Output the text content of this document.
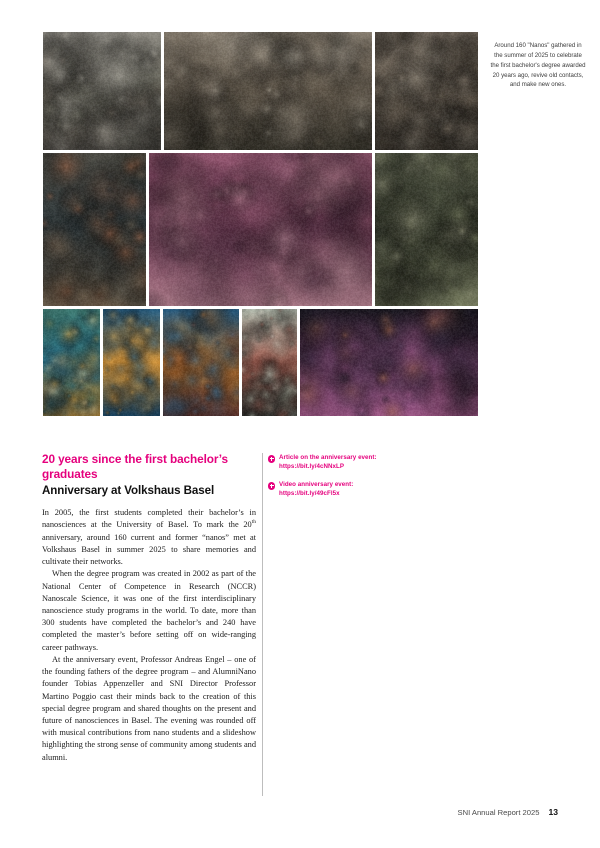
Around 160 "Nanos" gathered in the summer of 2025 to celebrate the first bachelor's degree awarded 20 years ago, revive old contacts, and make new ones.
20 years since the first bachelor’s graduates
Anniversary at Volkshaus Basel

In 2005, the first students completed their bachelor’s in nanosciences at the University of Basel. To mark the 20th anniversary, around 160 current and former “nanos” met at Volkshaus Basel in summer 2025 to share memories and cultivate their networks.

When the degree program was created in 2002 as part of the National Center of Competence in Research (NCCR) Nanoscale Science, it was one of the first interdisciplinary nanoscience study programs in the world. To date, more than 300 students have completed the bachelor’s and 240 have completed the master’s before setting off on wide-ranging career pathways.

At the anniversary event, Professor Andreas Engel – one of the founding fathers of the degree program – and AlumniNano founder Tobias Appenzeller and SNI Director Professor Martino Poggio cast their minds back to the creation of this special degree program and shared thoughts on the present and future of nanosciences in Basel. The evening was rounded off with musical contributions from nano students and a slideshow highlighting the strong sense of community among students and alumni.

Article on the anniversary event:
https://bit.ly/4cNNxLP
Video anniversary event:
https://bit.ly/49cFl5x
SNI Annual Report 2025 13
